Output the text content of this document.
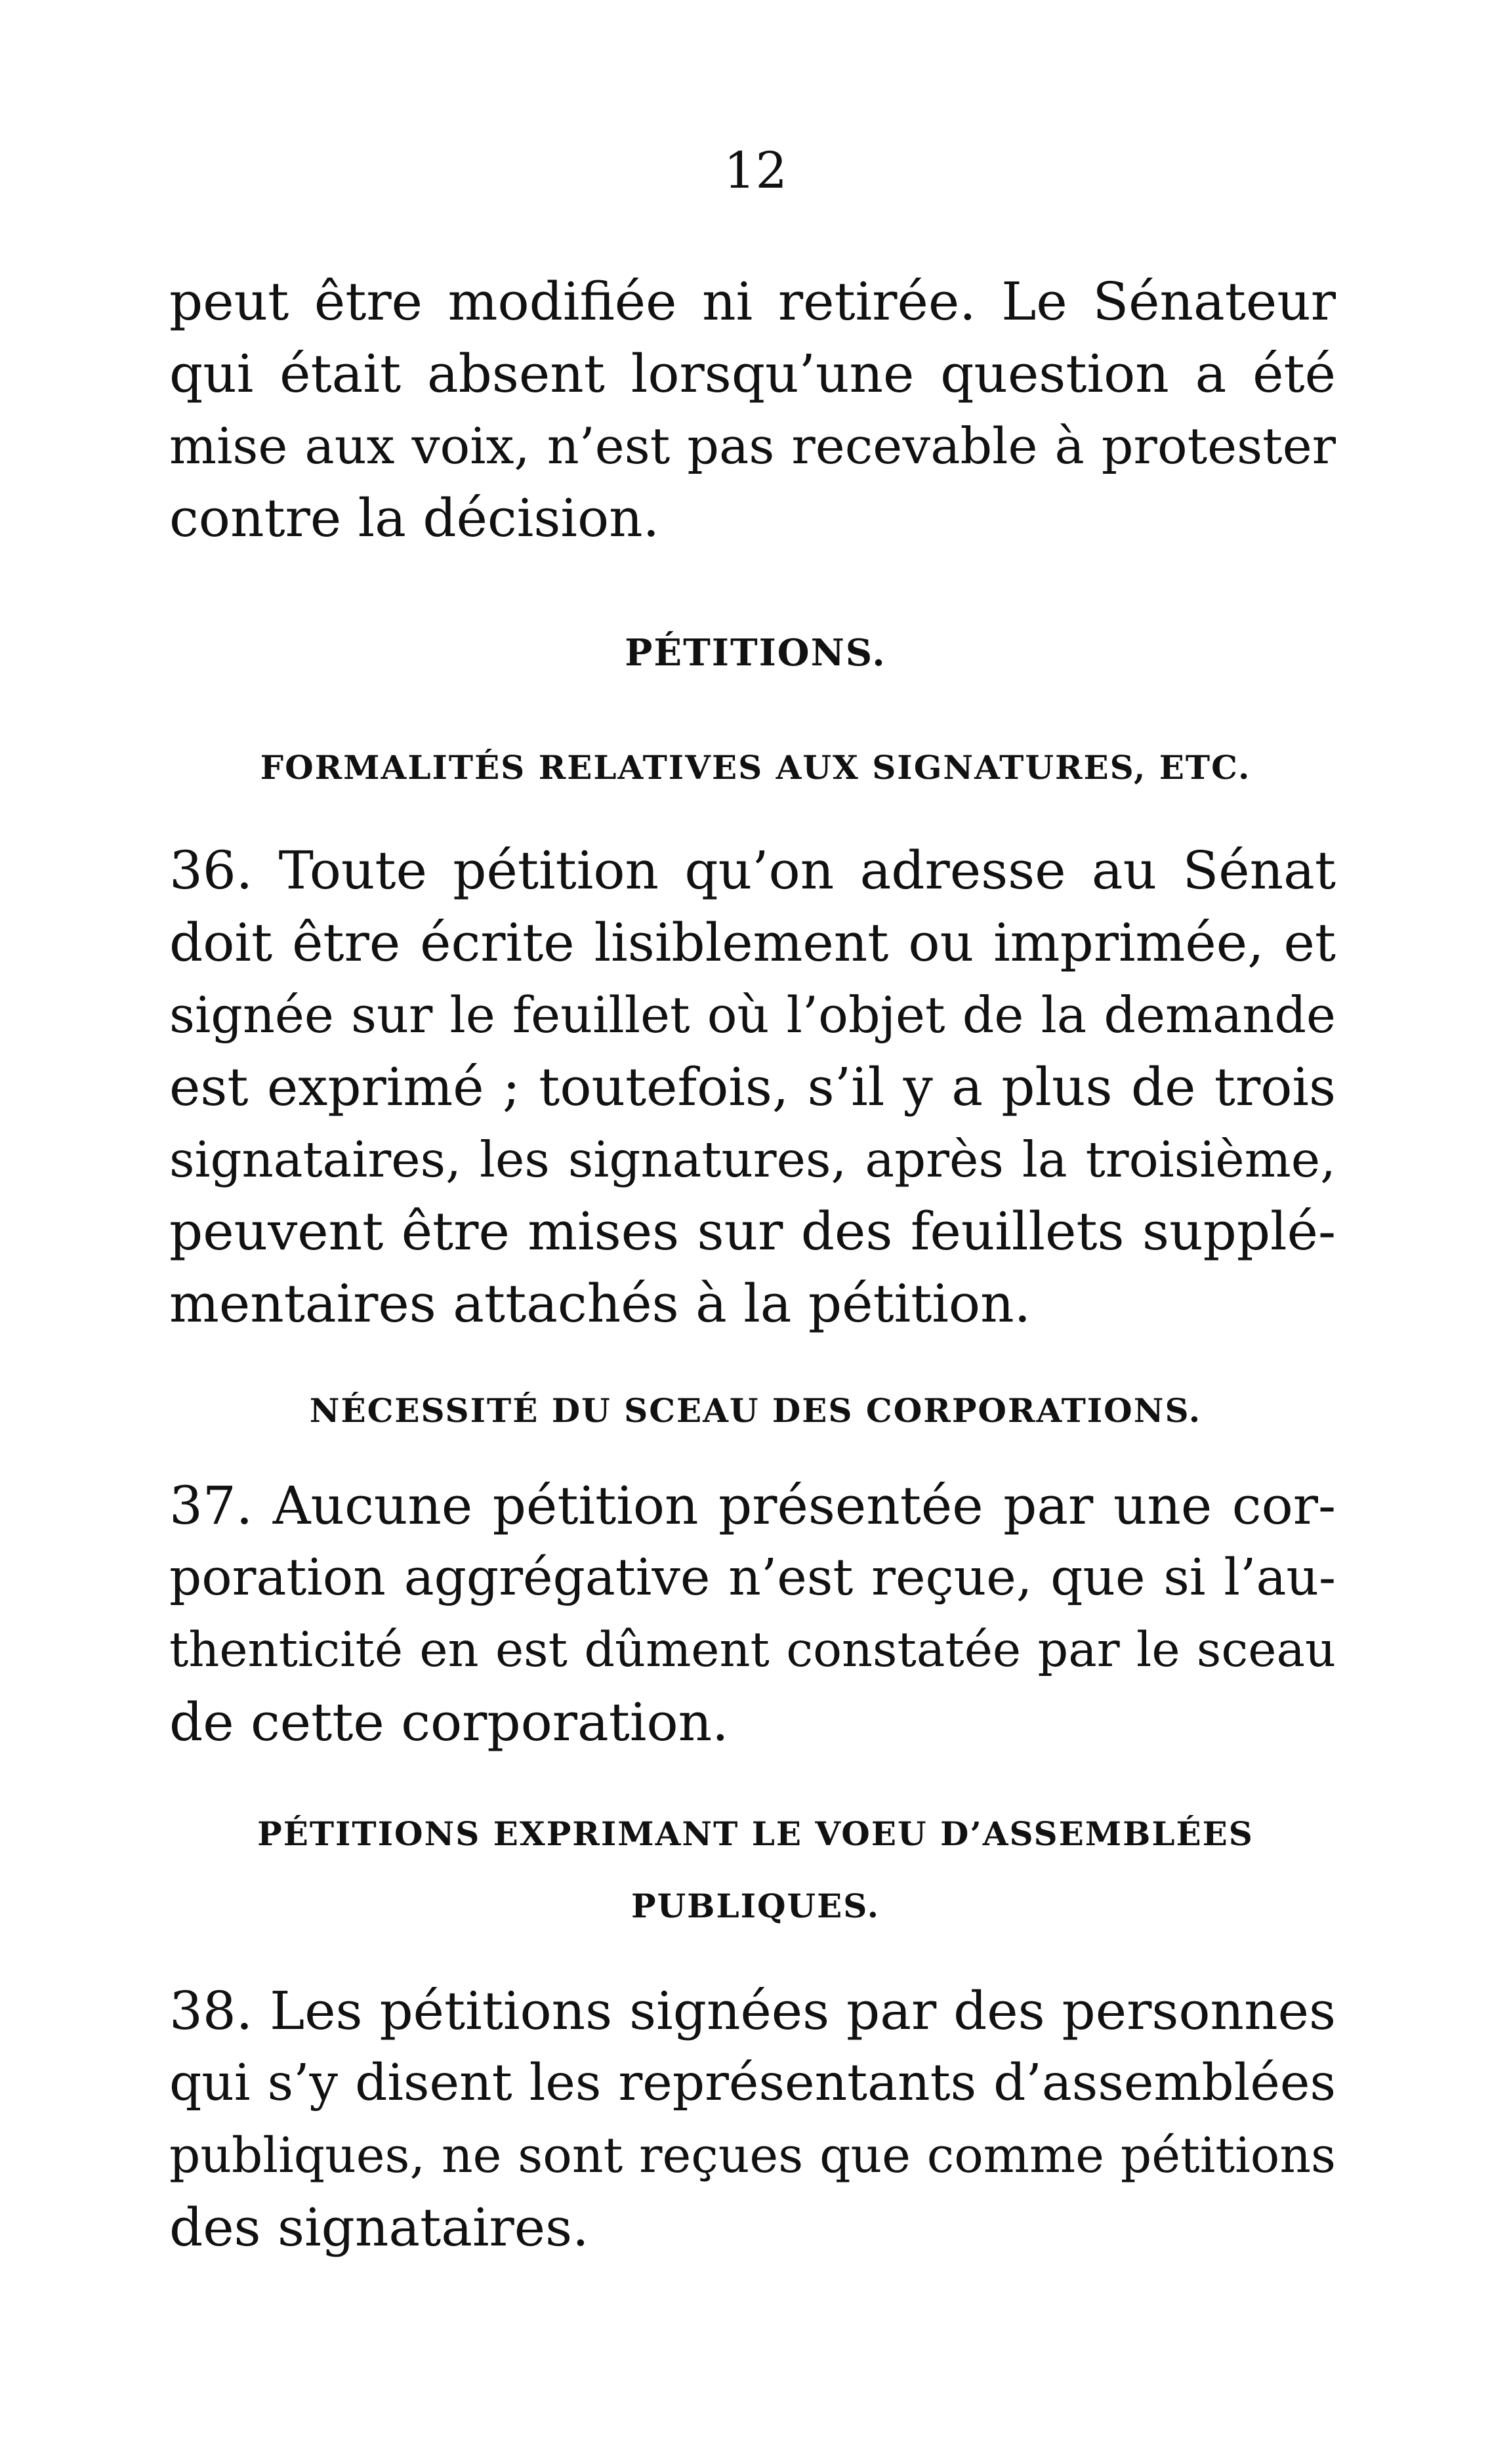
12
peut être modifiée ni retirée. Le Sénateur
qui était absent lorsqu’une question a été
mise aux voix, n’est pas recevable à protester
contre la décision.
PÉTITIONS.
FORMALITÉS RELATIVES AUX SIGNATURES, ETC.
36. Toute pétition qu’on adresse au Sénat
doit être écrite lisiblement ou imprimée, et
signée sur le feuillet où l’objet de la demande
est exprimé ; toutefois, s’il y a plus de trois
signataires, les signatures, après la troisième,
peuvent être mises sur des feuillets supplé-
mentaires attachés à la pétition.
NÉCESSITÉ DU SCEAU DES CORPORATIONS.
37. Aucune pétition présentée par une cor-
poration aggrégative n’est reçue, que si l’au-
thenticité en est dûment constatée par le sceau
de cette corporation.
PÉTITIONS EXPRIMANT LE VOEU D’ASSEMBLÉES
PUBLIQUES.
38. Les pétitions signées par des personnes
qui s’y disent les représentants d’assemblées
publiques, ne sont reçues que comme pétitions
des signataires.
